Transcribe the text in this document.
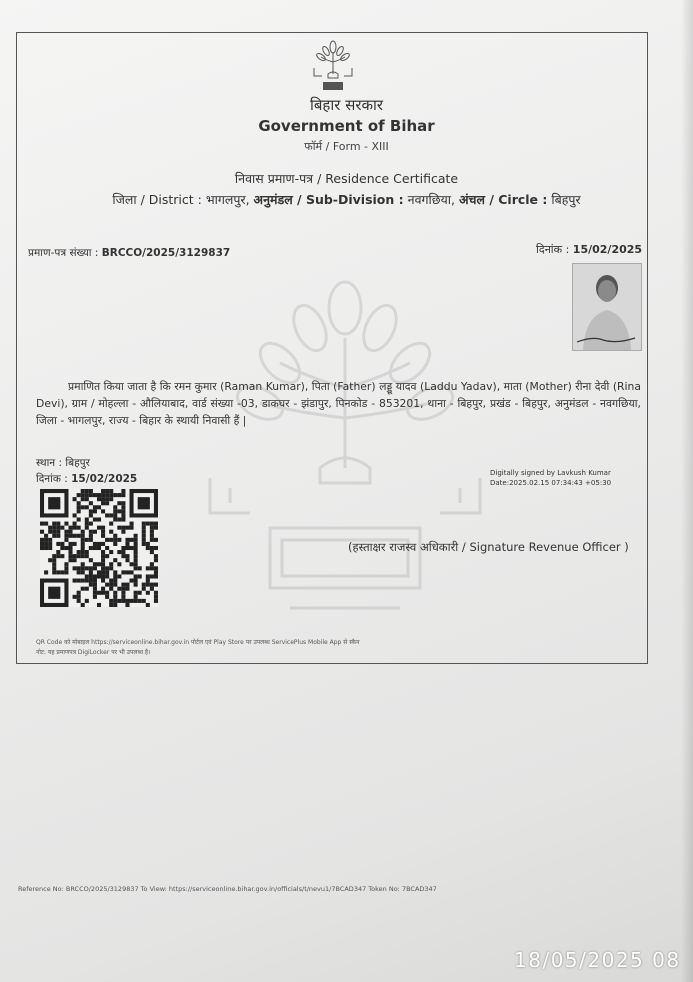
बिहार सरकार
Government of Bihar
फॉर्म / Form - XIII
निवास प्रमाण-पत्र / Residence Certificate
जिला / District : भागलपुर, अनुमंडल / Sub-Division : नवगछिया, अंचल / Circle : बिहपुर
प्रमाण-पत्र संख्या : BRCCO/2025/3129837	दिनांक : 15/02/2025
प्रमाणित किया जाता है कि रमन कुमार (Raman Kumar), पिता (Father) लड्डू यादव (Laddu Yadav), माता (Mother) रीना देवी (Rina Devi), ग्राम / मोहल्ला - औलियाबाद, वार्ड संख्या -03, डाकघर - झंडापुर, पिनकोड - 853201, थाना - बिहपुर, प्रखंड - बिहपुर, अनुमंडल - नवगछिया, जिला - भागलपुर, राज्य - बिहार के स्थायी निवासी हैं |
स्थान : बिहपुर
दिनांक : 15/02/2025	Digitally signed by Lavkush Kumar
Date:2025.02.15 07:34:43 +05:30
(हस्ताक्षर राजस्व अधिकारी / Signature Revenue Officer )
QR Code को मोबाइल https://serviceonline.bihar.gov.in पोर्टल एवं Play Store पर उपलब्ध ServicePlus Mobile App से स्कैन
नोट: यह प्रमाणपत्र DigiLocker पर भी उपलब्ध है।
Reference No: BRCCO/2025/3129837 To View: https://serviceonline.bihar.gov.in/officials/t/nevu1/7BCAD347 Token No: 7BCAD347
18/05/2025 08
